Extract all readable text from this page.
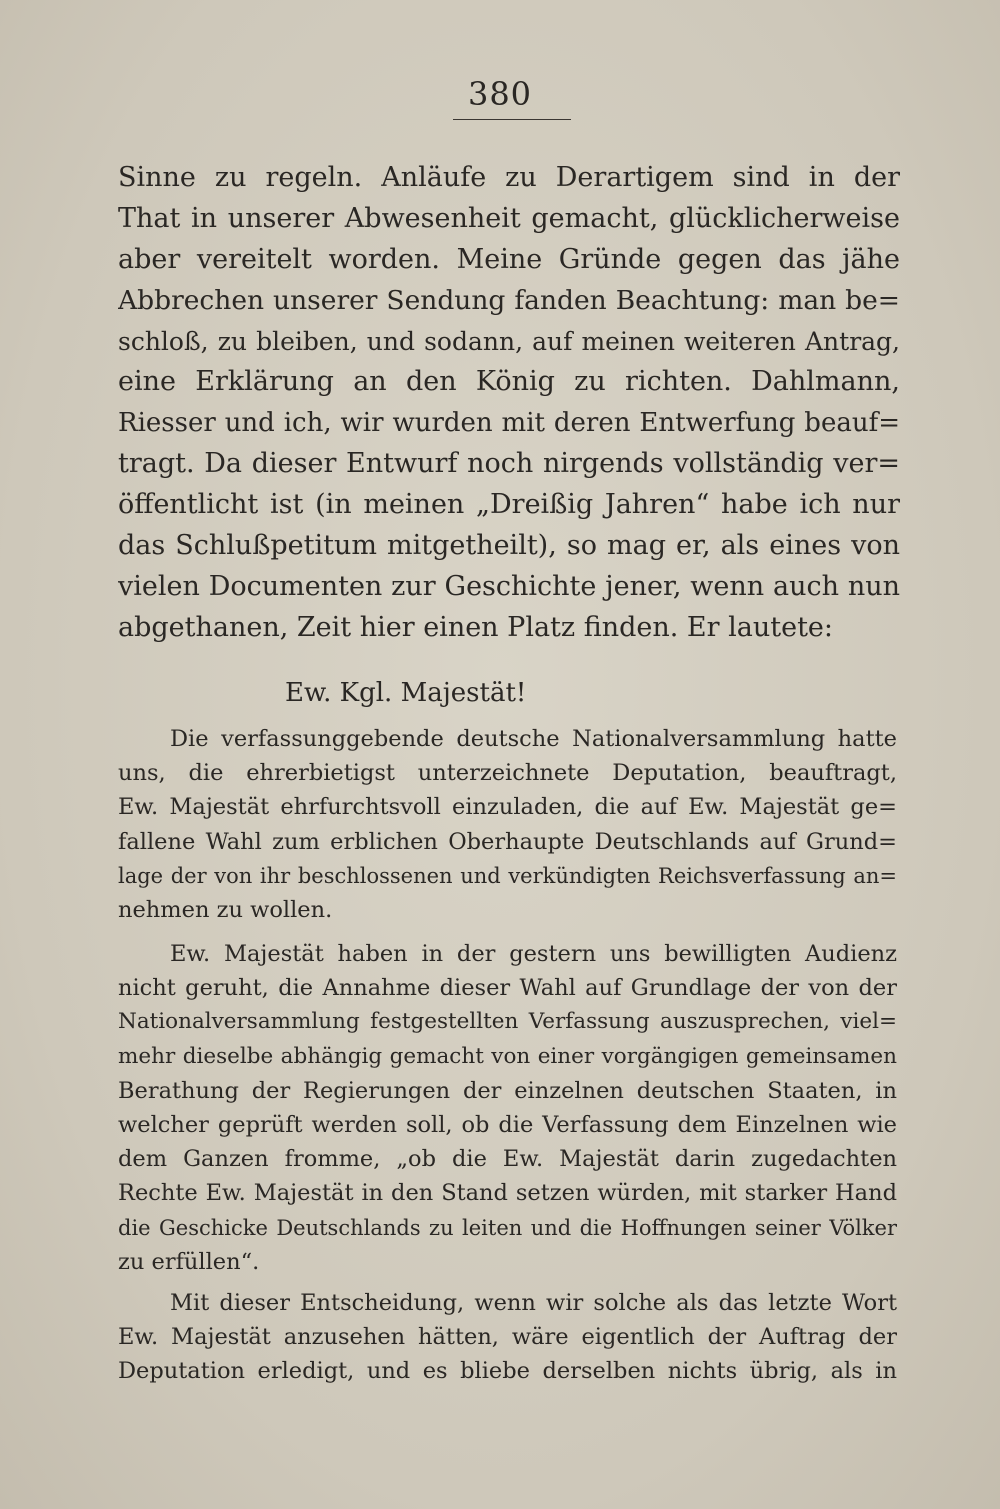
380
Sinne zu regeln. Anläufe zu Derartigem sind in der
That in unserer Abwesenheit gemacht, glücklicherweise
aber vereitelt worden. Meine Gründe gegen das jähe
Abbrechen unserer Sendung fanden Beachtung: man be=
schloß, zu bleiben, und sodann, auf meinen weiteren Antrag,
eine Erklärung an den König zu richten. Dahlmann,
Riesser und ich, wir wurden mit deren Entwerfung beauf=
tragt. Da dieser Entwurf noch nirgends vollständig ver=
öffentlicht ist (in meinen „Dreißig Jahren“ habe ich nur
das Schlußpetitum mitgetheilt), so mag er, als eines von
vielen Documenten zur Geschichte jener, wenn auch nun
abgethanen, Zeit hier einen Platz finden. Er lautete:
Ew. Kgl. Majestät!
Die verfassunggebende deutsche Nationalversammlung hatte
uns, die ehrerbietigst unterzeichnete Deputation, beauftragt,
Ew. Majestät ehrfurchtsvoll einzuladen, die auf Ew. Majestät ge=
fallene Wahl zum erblichen Oberhaupte Deutschlands auf Grund=
lage der von ihr beschlossenen und verkündigten Reichsverfassung an=
nehmen zu wollen.
Ew. Majestät haben in der gestern uns bewilligten Audienz
nicht geruht, die Annahme dieser Wahl auf Grundlage der von der
Nationalversammlung festgestellten Verfassung auszusprechen, viel=
mehr dieselbe abhängig gemacht von einer vorgängigen gemeinsamen
Berathung der Regierungen der einzelnen deutschen Staaten, in
welcher geprüft werden soll, ob die Verfassung dem Einzelnen wie
dem Ganzen fromme, „ob die Ew. Majestät darin zugedachten
Rechte Ew. Majestät in den Stand setzen würden, mit starker Hand
die Geschicke Deutschlands zu leiten und die Hoffnungen seiner Völker
zu erfüllen“.
Mit dieser Entscheidung, wenn wir solche als das letzte Wort
Ew. Majestät anzusehen hätten, wäre eigentlich der Auftrag der
Deputation erledigt, und es bliebe derselben nichts übrig, als in
